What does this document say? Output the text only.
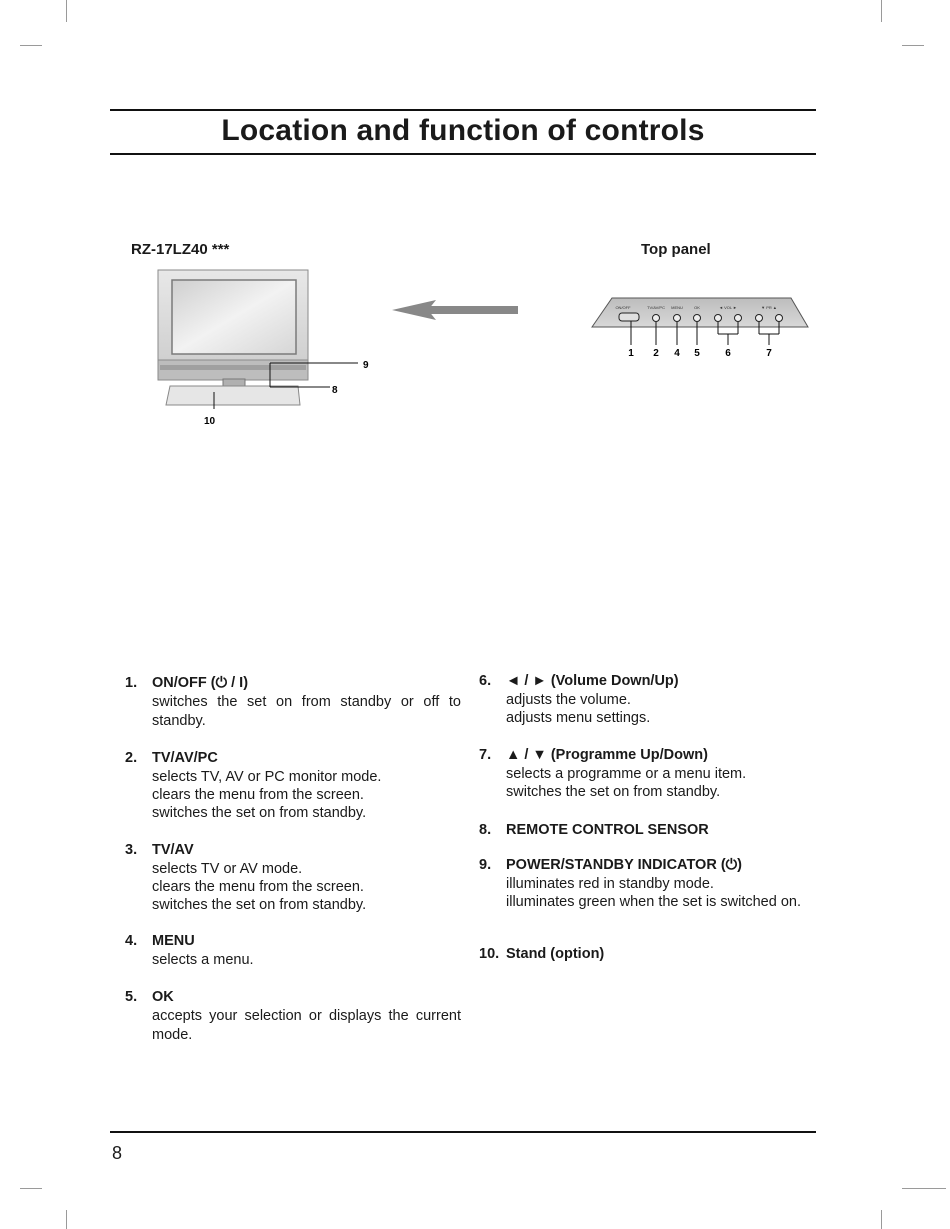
Location and function of controls
RZ-17LZ40 ***	Top panel
9
8
10
ON/OFF	TV/AV/PC MENU	OK	◄ VOL ►	▼ PR ▲
1 2 4 5	6	7
1. ON/OFF (⏻ / I)
switches the set on from standby or off to standby.
2. TV/AV/PC
selects TV, AV or PC monitor mode.
clears the menu from the screen.
switches the set on from standby.
3. TV/AV
selects TV or AV mode.
clears the menu from the screen.
switches the set on from standby.
4. MENU
selects a menu.
5. OK
accepts your selection or displays the current mode.
6. ◄ / ► (Volume Down/Up)
adjusts the volume.
adjusts menu settings.
7. ▲ / ▼ (Programme Up/Down)
selects a programme or a menu item.
switches the set on from standby.
8. REMOTE CONTROL SENSOR
9. POWER/STANDBY INDICATOR (⏻)
illuminates red in standby mode.
illuminates green when the set is switched on.
10. Stand (option)
8
